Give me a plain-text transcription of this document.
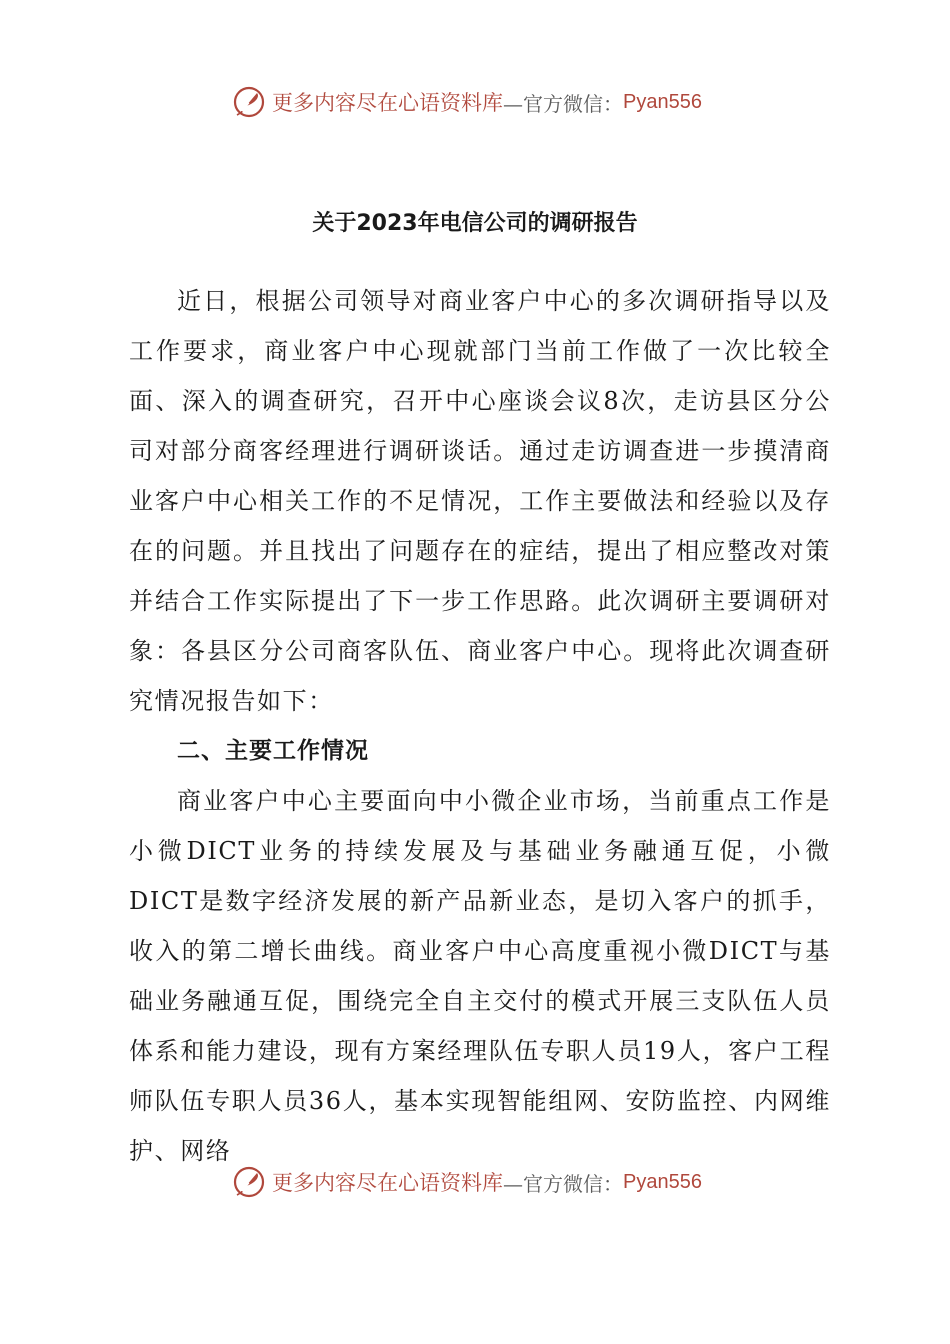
更多内容尽在心语资料库 —官方微信： Pyan556
关于2023年电信公司的调研报告

近日，根据公司领导对商业客户中心的多次调研指导以及工作要求，商业客户中心现就部门当前工作做了一次比较全面、深入的调查研究，召开中心座谈会议8次，走访县区分公司对部分商客经理进行调研谈话。通过走访调查进一步摸清商业客户中心相关工作的不足情况，工作主要做法和经验以及存在的问题。并且找出了问题存在的症结，提出了相应整改对策并结合工作实际提出了下一步工作思路。此次调研主要调研对象：各县区分公司商客队伍、商业客户中心。现将此次调查研究情况报告如下：

二、主要工作情况

商业客户中心主要面向中小微企业市场，当前重点工作是小微DICT业务的持续发展及与基础业务融通互促，小微DICT是数字经济发展的新产品新业态，是切入客户的抓手，收入的第二增长曲线。商业客户中心高度重视小微DICT与基础业务融通互促，围绕完全自主交付的模式开展三支队伍人员体系和能力建设，现有方案经理队伍专职人员19人，客户工程师队伍专职人员36人，基本实现智能组网、安防监控、内网维护、网络

更多内容尽在心语资料库 —官方微信： Pyan556
